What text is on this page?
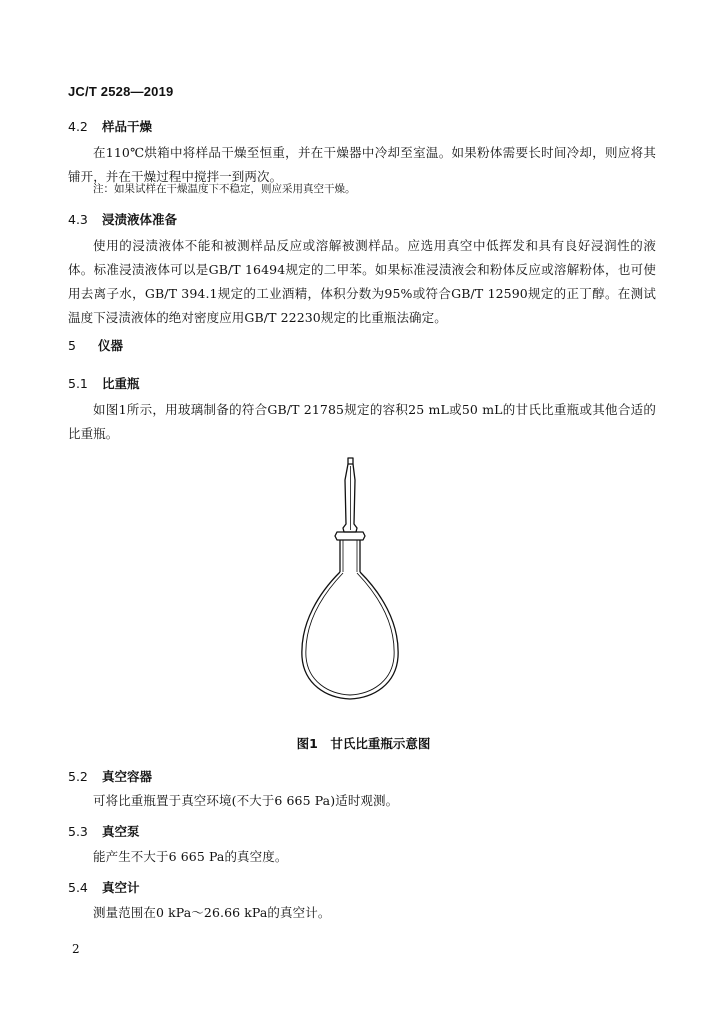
JC/T 2528—2019
4.2 样品干燥
在110℃烘箱中将样品干燥至恒重，并在干燥器中冷却至室温。如果粉体需要长时间冷却，则应将其铺开，并在干燥过程中搅拌一到两次。
注：如果试样在干燥温度下不稳定，则应采用真空干燥。
4.3 浸渍液体准备
使用的浸渍液体不能和被测样品反应或溶解被测样品。应选用真空中低挥发和具有良好浸润性的液体。标准浸渍液体可以是GB/T 16494规定的二甲苯。如果标准浸渍液会和粉体反应或溶解粉体，也可使用去离子水，GB/T 394.1规定的工业酒精，体积分数为95%或符合GB/T 12590规定的正丁醇。在测试温度下浸渍液体的绝对密度应用GB/T 22230规定的比重瓶法确定。
5 仪器
5.1 比重瓶
如图1所示，用玻璃制备的符合GB/T 21785规定的容积25 mL或50 mL的甘氏比重瓶或其他合适的比重瓶。
图1　甘氏比重瓶示意图
5.2 真空容器
可将比重瓶置于真空环境(不大于6 665 Pa)适时观测。
5.3 真空泵
能产生不大于6 665 Pa的真空度。
5.4 真空计
测量范围在0 kPa～26.66 kPa的真空计。
2
